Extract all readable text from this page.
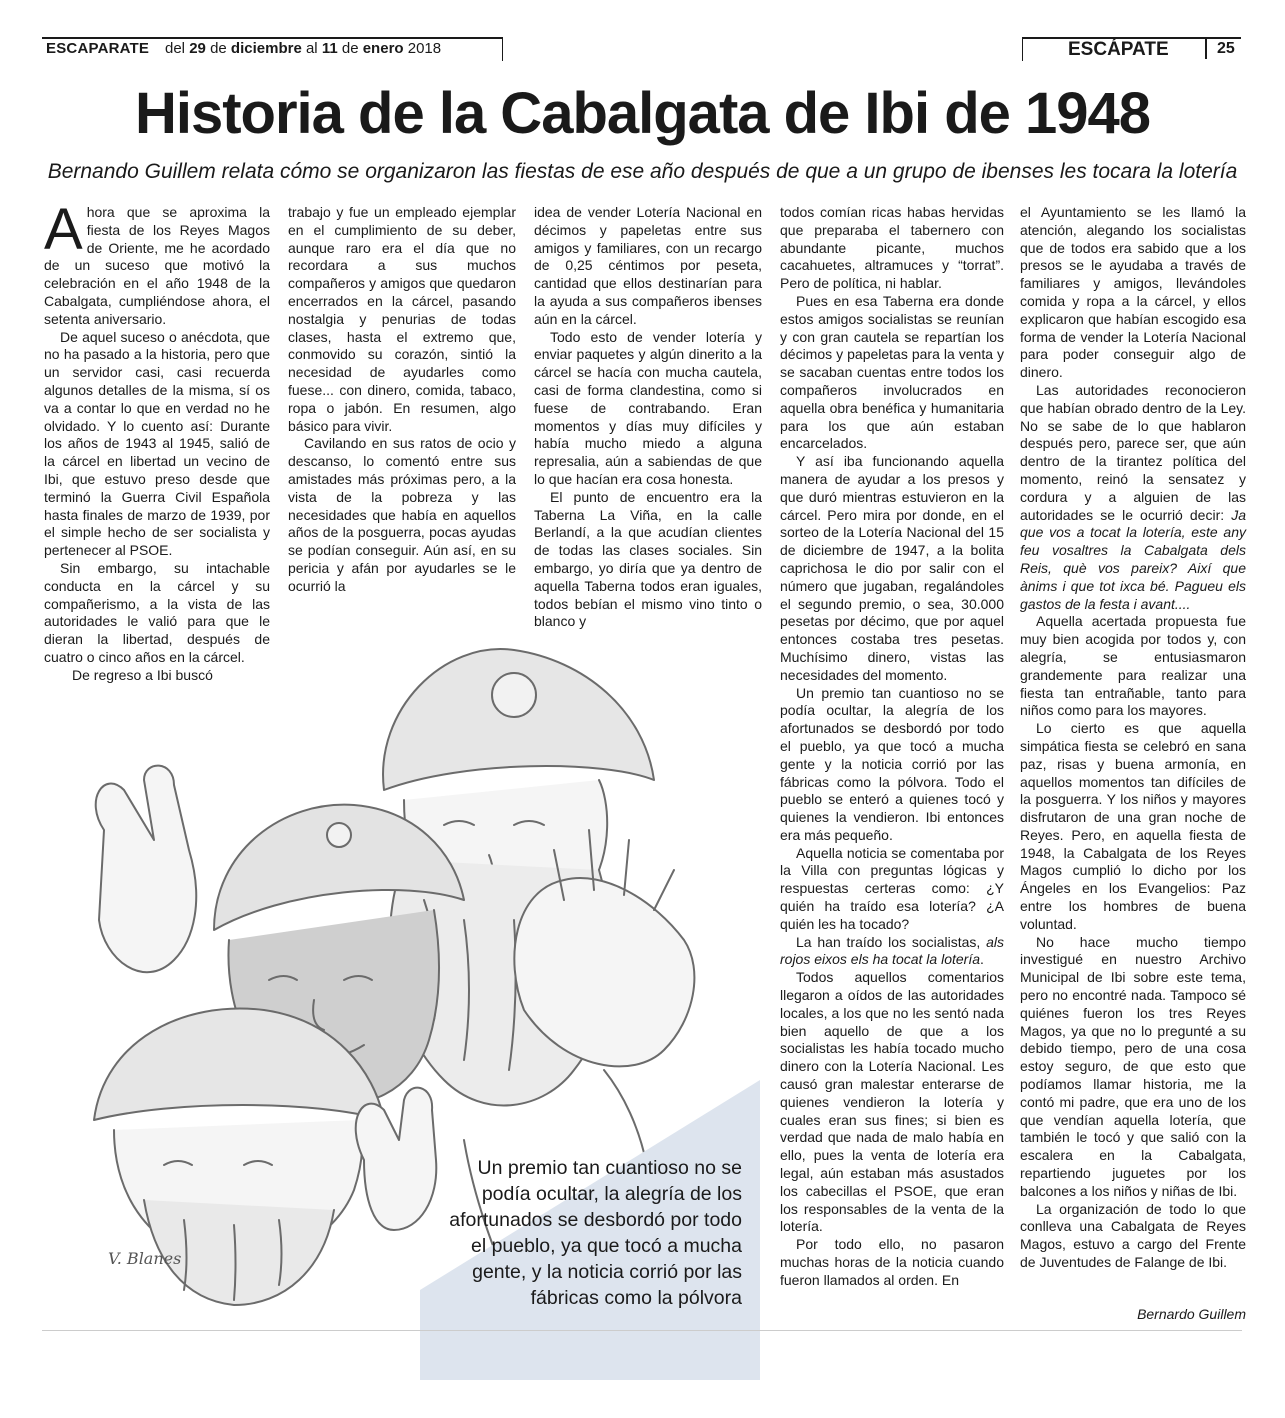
ESCAPARATE del 29 de diciembre al 11 de enero 2018	ESCÁPATE	25
Historia de la Cabalgata de Ibi de 1948
Bernando Guillem relata cómo se organizaron las fiestas de ese año después de que a un grupo de ibenses les tocara la lotería

Ahora que se aproxima la fiesta de los Reyes Magos de Oriente, me he acordado de un suceso que motivó la celebración en el año 1948 de la Cabalgata, cumpliéndose ahora, el setenta aniversario.

De aquel suceso o anécdota, que no ha pasado a la historia, pero que un servidor casi, casi recuerda algunos detalles de la misma, sí os va a contar lo que en verdad no he olvidado. Y lo cuento así: Durante los años de 1943 al 1945, salió de la cárcel en libertad un vecino de Ibi, que estuvo preso desde que terminó la Guerra Civil Española hasta finales de marzo de 1939, por el simple hecho de ser socialista y pertenecer al PSOE.

Sin embargo, su intachable conducta en la cárcel y su compañerismo, a la vista de las autoridades le valió para que le dieran la libertad, después de cuatro o cinco años en la cárcel.

De regreso a Ibi buscó

trabajo y fue un empleado ejemplar en el cumplimiento de su deber, aunque raro era el día que no recordara a sus muchos compañeros y amigos que quedaron encerrados en la cárcel, pasando nostalgia y penurias de todas clases, hasta el extremo que, conmovido su corazón, sintió la necesidad de ayudarles como fuese... con dinero, comida, tabaco, ropa o jabón. En resumen, algo básico para vivir.

Cavilando en sus ratos de ocio y descanso, lo comentó entre sus amistades más próximas pero, a la vista de la pobreza y las necesidades que había en aquellos años de la posguerra, pocas ayudas se podían conseguir. Aún así, en su pericia y afán por ayudarles se le ocurrió la

idea de vender Lotería Nacional en décimos y papeletas entre sus amigos y familiares, con un recargo de 0,25 céntimos por peseta, cantidad que ellos destinarían para la ayuda a sus compañeros ibenses aún en la cárcel.

Todo esto de vender lotería y enviar paquetes y algún dinerito a la cárcel se hacía con mucha cautela, casi de forma clandestina, como si fuese de contrabando. Eran momentos y días muy difíciles y había mucho miedo a alguna represalia, aún a sabiendas de que lo que hacían era cosa honesta.

El punto de encuentro era la Taberna La Viña, en la calle Berlandí, a la que acudían clientes de todas las clases sociales. Sin embargo, yo diría que ya dentro de aquella Taberna todos eran iguales, todos bebían el mismo vino tinto o blanco y

todos comían ricas habas hervidas que preparaba el tabernero con abundante picante, muchos cacahuetes, altramuces y “torrat”. Pero de política, ni hablar.

Pues en esa Taberna era donde estos amigos socialistas se reunían y con gran cautela se repartían los décimos y papeletas para la venta y se sacaban cuentas entre todos los compañeros involucrados en aquella obra benéfica y humanitaria para los que aún estaban encarcelados.

Y así iba funcionando aquella manera de ayudar a los presos y que duró mientras estuvieron en la cárcel. Pero mira por donde, en el sorteo de la Lotería Nacional del 15 de diciembre de 1947, a la bolita caprichosa le dio por salir con el número que jugaban, regalándoles el segundo premio, o sea, 30.000 pesetas por décimo, que por aquel entonces costaba tres pesetas. Muchísimo dinero, vistas las necesidades del momento.

Un premio tan cuantioso no se podía ocultar, la alegría de los afortunados se desbordó por todo el pueblo, ya que tocó a mucha gente y la noticia corrió por las fábricas como la pólvora. Todo el pueblo se enteró a quienes tocó y quienes la vendieron. Ibi entonces era más pequeño.

Aquella noticia se comentaba por la Villa con preguntas lógicas y respuestas certeras como: ¿Y quién ha traído esa lotería? ¿A quién les ha tocado?

La han traído los socialistas, als rojos eixos els ha tocat la lotería.

Todos aquellos comentarios llegaron a oídos de las autoridades locales, a los que no les sentó nada bien aquello de que a los socialistas les había tocado mucho dinero con la Lotería Nacional. Les causó gran malestar enterarse de quienes vendieron la lotería y cuales eran sus fines; si bien es verdad que nada de malo había en ello, pues la venta de lotería era legal, aún estaban más asustados los cabecillas el PSOE, que eran los responsables de la venta de la lotería.

Por todo ello, no pasaron muchas horas de la noticia cuando fueron llamados al orden. En

el Ayuntamiento se les llamó la atención, alegando los socialistas que de todos era sabido que a los presos se le ayudaba a través de familiares y amigos, llevándoles comida y ropa a la cárcel, y ellos explicaron que habían escogido esa forma de vender la Lotería Nacional para poder conseguir algo de dinero.

Las autoridades reconocieron que habían obrado dentro de la Ley. No se sabe de lo que hablaron después pero, parece ser, que aún dentro de la tirantez política del momento, reinó la sensatez y cordura y a alguien de las autoridades se le ocurrió decir: Ja que vos a tocat la lotería, este any feu vosaltres la Cabalgata dels Reis, què vos pareix? Així que ànims i que tot ixca bé. Pagueu els gastos de la festa i avant....

Aquella acertada propuesta fue muy bien acogida por todos y, con alegría, se entusiasmaron grandemente para realizar una fiesta tan entrañable, tanto para niños como para los mayores.

Lo cierto es que aquella simpática fiesta se celebró en sana paz, risas y buena armonía, en aquellos momentos tan difíciles de la posguerra. Y los niños y mayores disfrutaron de una gran noche de Reyes. Pero, en aquella fiesta de 1948, la Cabalgata de los Reyes Magos cumplió lo dicho por los Ángeles en los Evangelios: Paz entre los hombres de buena voluntad.

No hace mucho tiempo investigué en nuestro Archivo Municipal de Ibi sobre este tema, pero no encontré nada. Tampoco sé quiénes fueron los tres Reyes Magos, ya que no lo pregunté a su debido tiempo, pero de una cosa estoy seguro, de que esto que podíamos llamar historia, me la contó mi padre, que era uno de los que vendían aquella lotería, que también le tocó y que salió con la escalera en la Cabalgata, repartiendo juguetes por los balcones a los niños y niñas de Ibi.

La organización de todo lo que conlleva una Cabalgata de Reyes Magos, estuvo a cargo del Frente de Juventudes de Falange de Ibi.

Bernardo Guillem
V. Blanes
Un premio tan cuantioso no se podía ocultar, la alegría de los afortunados se desbordó por todo el pueblo, ya que tocó a mucha gente, y la noticia corrió por las fábricas como la pólvora
